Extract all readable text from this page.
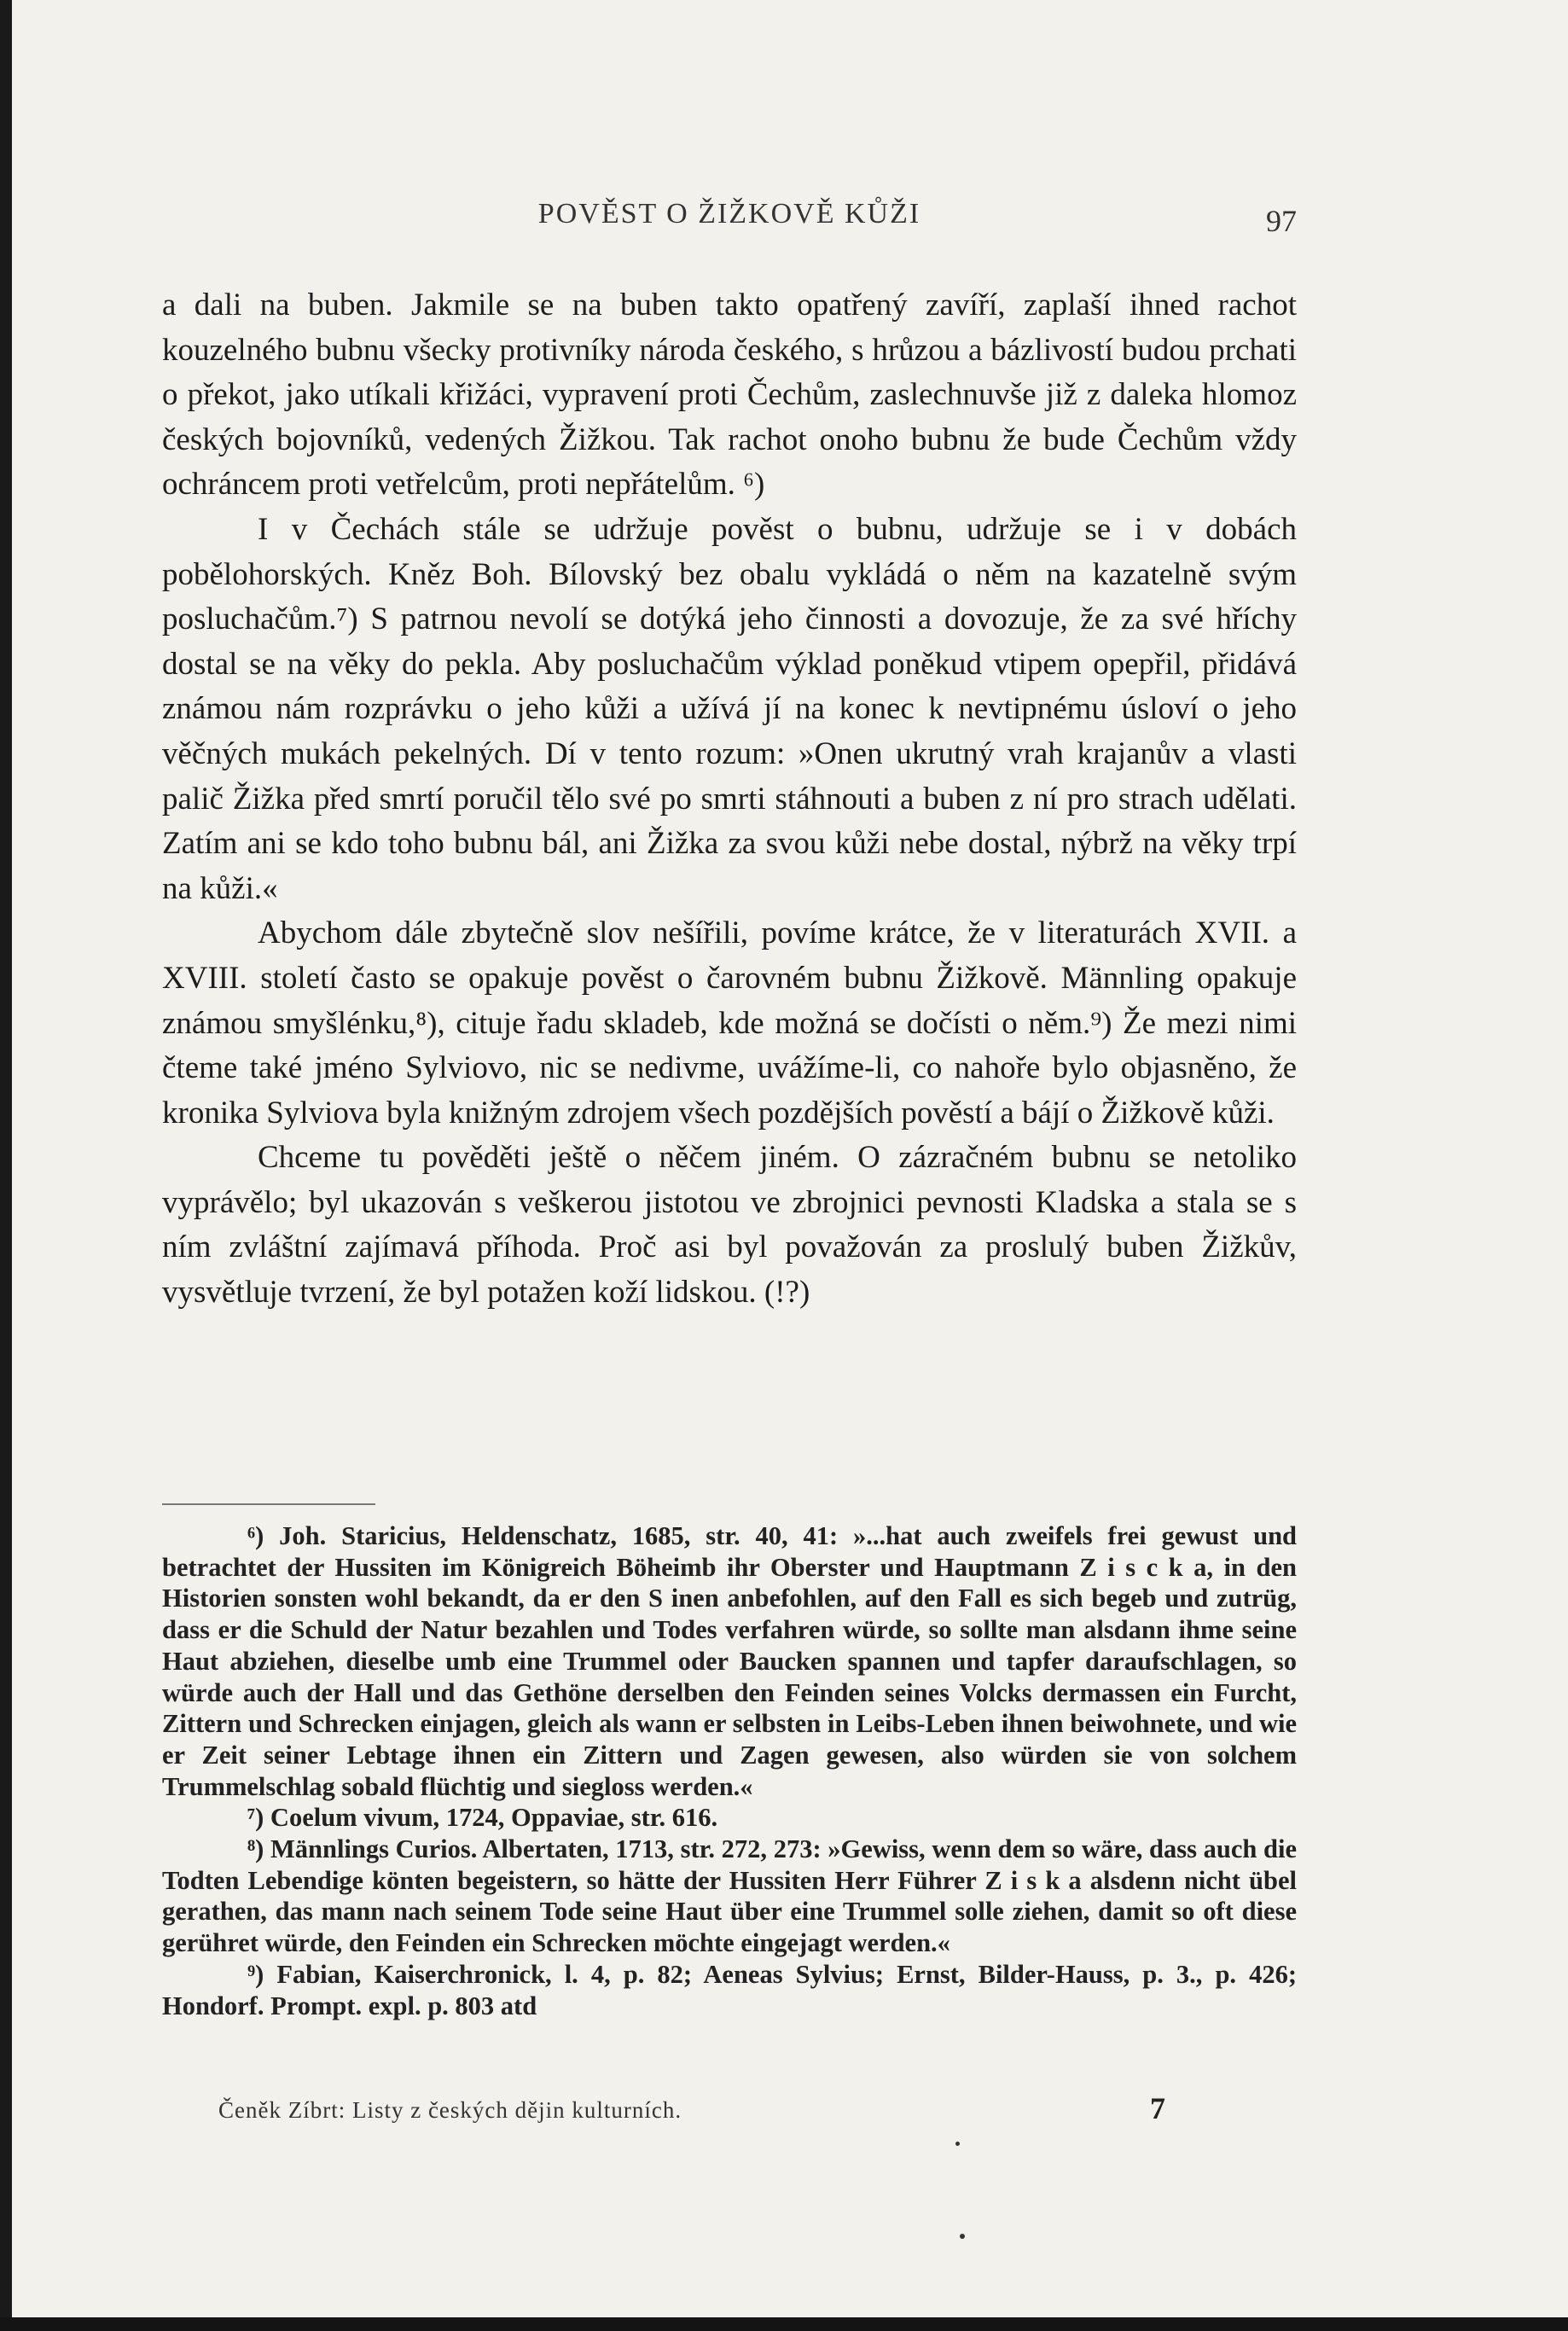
POVĚST O ŽIŽKOVĚ KŮŽI	97

a dali na buben. Jakmile se na buben takto opatřený zavíří, zaplaší ihned rachot kouzelného bubnu všecky protivníky národa českého, s hrůzou a bázlivostí budou prchati o překot, jako utíkali křižáci, vypravení proti Čechům, zaslechnuvše již z daleka hlomoz českých bojovníků, vedených Žižkou. Tak rachot onoho bubnu že bude Čechům vždy ochráncem proti vetřelcům, proti nepřátelům. ⁶)

I v Čechách stále se udržuje pověst o bubnu, udržuje se i v dobách pobělohorských. Kněz Boh. Bílovský bez obalu vykládá o něm na kazatelně svým posluchačům.⁷) S patrnou nevolí se dotýká jeho činnosti a dovozuje, že za své hříchy dostal se na věky do pekla. Aby posluchačům výklad poněkud vtipem opepřil, přidává známou nám rozprávku o jeho kůži a užívá jí na konec k nevtipnému úsloví o jeho věčných mukách pekelných. Dí v tento rozum: »Onen ukrutný vrah krajanův a vlasti palič Žižka před smrtí poručil tělo své po smrti stáhnouti a buben z ní pro strach udělati. Zatím ani se kdo toho bubnu bál, ani Žižka za svou kůži nebe dostal, nýbrž na věky trpí na kůži.«

Abychom dále zbytečně slov nešířili, povíme krátce, že v literaturách XVII. a XVIII. století často se opakuje pověst o čarovném bubnu Žižkově. Männling opakuje známou smyšlénku,⁸), cituje řadu skladeb, kde možná se dočísti o něm.⁹) Že mezi nimi čteme také jméno Sylviovo, nic se nedivme, uvážíme-li, co nahoře bylo objasněno, že kronika Sylviova byla knižným zdrojem všech pozdějších pověstí a bájí o Žižkově kůži.

Chceme tu pověděti ještě o něčem jiném. O zázračném bubnu se netoliko vyprávělo; byl ukazován s veškerou jistotou ve zbrojnici pevnosti Kladska a stala se s ním zvláštní zajímavá příhoda. Proč asi byl považován za proslulý buben Žižkův, vysvětluje tvrzení, že byl potažen koží lidskou. (!?)

⁶) Joh. Staricius, Heldenschatz, 1685, str. 40, 41: »...hat auch zweifels frei gewust und betrachtet der Hussiten im Königreich Böheimb ihr Oberster und Hauptmann Z i s c k a, in den Historien sonsten wohl bekandt, da er den S inen anbefohlen, auf den Fall es sich begeb und zutrüg, dass er die Schuld der Natur bezahlen und Todes verfahren würde, so sollte man alsdann ihme seine Haut abziehen, dieselbe umb eine Trummel oder Baucken spannen und tapfer daraufschlagen, so würde auch der Hall und das Gethöne derselben den Feinden seines Volcks dermassen ein Furcht, Zittern und Schrecken einjagen, gleich als wann er selbsten in Leibs-Leben ihnen beiwohnete, und wie er Zeit seiner Lebtage ihnen ein Zittern und Zagen gewesen, also würden sie von solchem Trummelschlag sobald flüchtig und siegloss werden.«

⁷) Coelum vivum, 1724, Oppaviae, str. 616.

⁸) Männlings Curios. Albertaten, 1713, str. 272, 273: »Gewiss, wenn dem so wäre, dass auch die Todten Lebendige könten begeistern, so hätte der Hussiten Herr Führer Z i s k a alsdenn nicht übel gerathen, das mann nach seinem Tode seine Haut über eine Trummel solle ziehen, damit so oft diese gerühret würde, den Feinden ein Schrecken möchte eingejagt werden.«

⁹) Fabian, Kaiserchronick, l. 4, p. 82; Aeneas Sylvius; Ernst, Bilder-Hauss, p. 3., p. 426; Hondorf. Prompt. expl. p. 803 atd

Čeněk Zíbrt: Listy z českých dějin kulturních.	7
